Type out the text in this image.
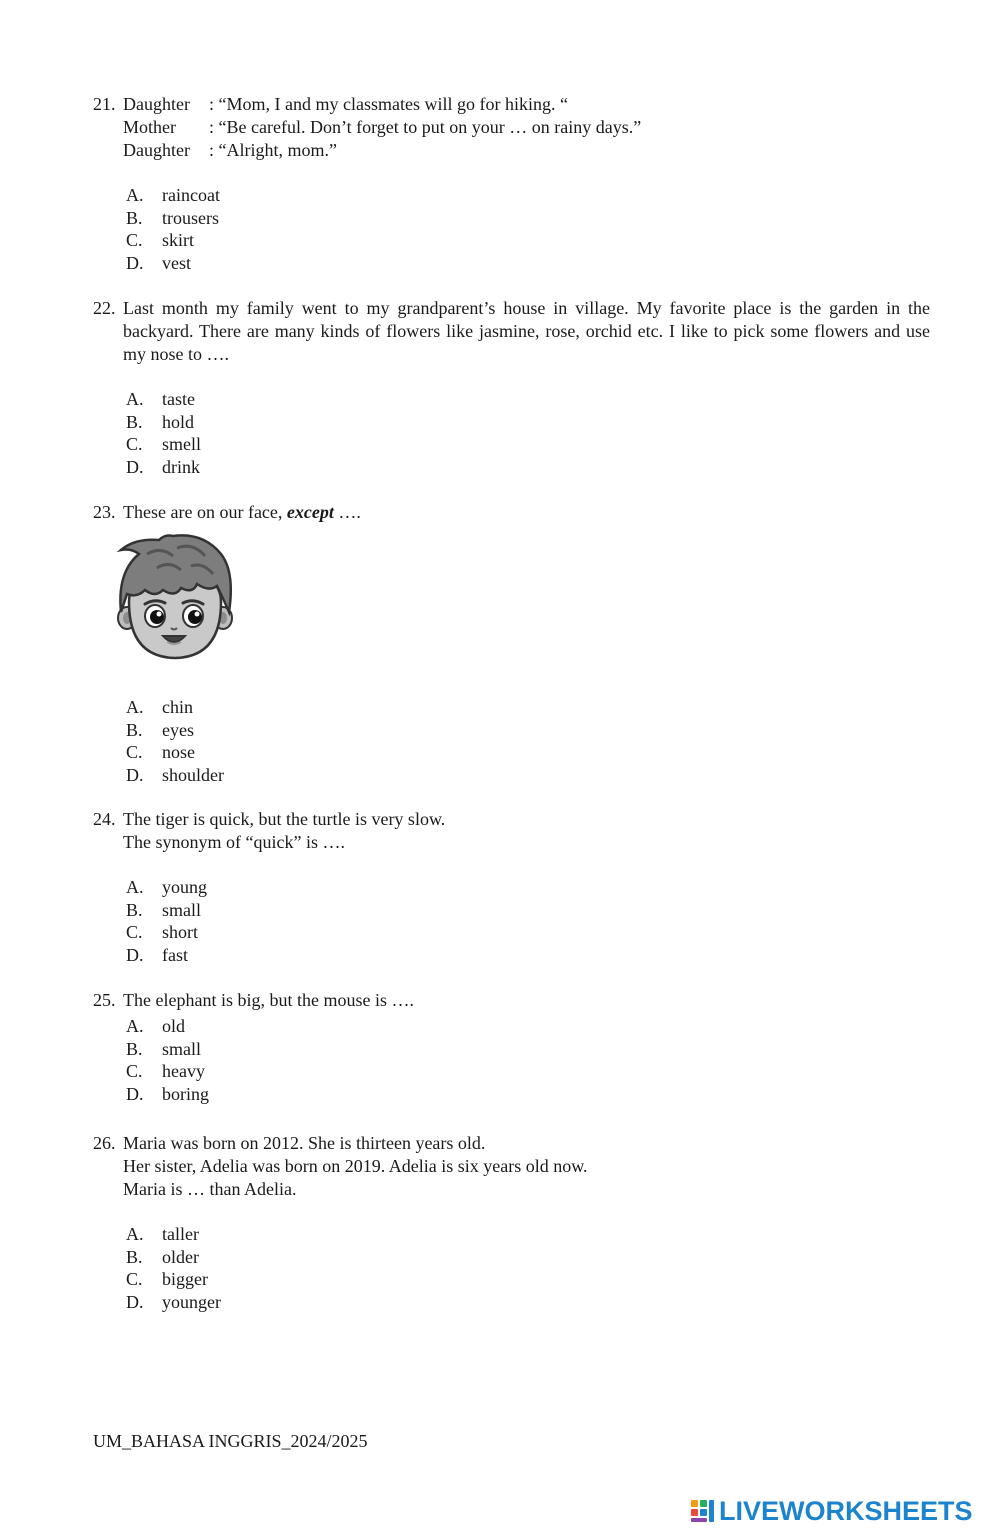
21. Daughter	: “Mom, I and my classmates will go for hiking. “
Mother	: “Be careful. Don’t forget to put on your … on rainy days.”
Daughter	: “Alright, mom.”
A.	raincoat
B.	trousers
C.	skirt
D.	vest
22. Last month my family went to my grandparent’s house in village. My favorite place is the garden in the backyard. There are many kinds of flowers like jasmine, rose, orchid etc. I like to pick some flowers and use my nose to ….
A.	taste
B.	hold
C.	smell
D.	drink
23. These are on our face, except ….
A.	chin
B.	eyes
C.	nose
D.	shoulder
24. The tiger is quick, but the turtle is very slow.
The synonym of “quick” is ….
A.	young
B.	small
C.	short
D.	fast
25. The elephant is big, but the mouse is ….
A.	old
B.	small
C.	heavy
D.	boring
26. Maria was born on 2012. She is thirteen years old.
Her sister, Adelia was born on 2019. Adelia is six years old now.
Maria is … than Adelia.
A.	taller
B.	older
C.	bigger
D.	younger
UM_BAHASA INGGRIS_2024/2025
LIVEWORKSHEETS
